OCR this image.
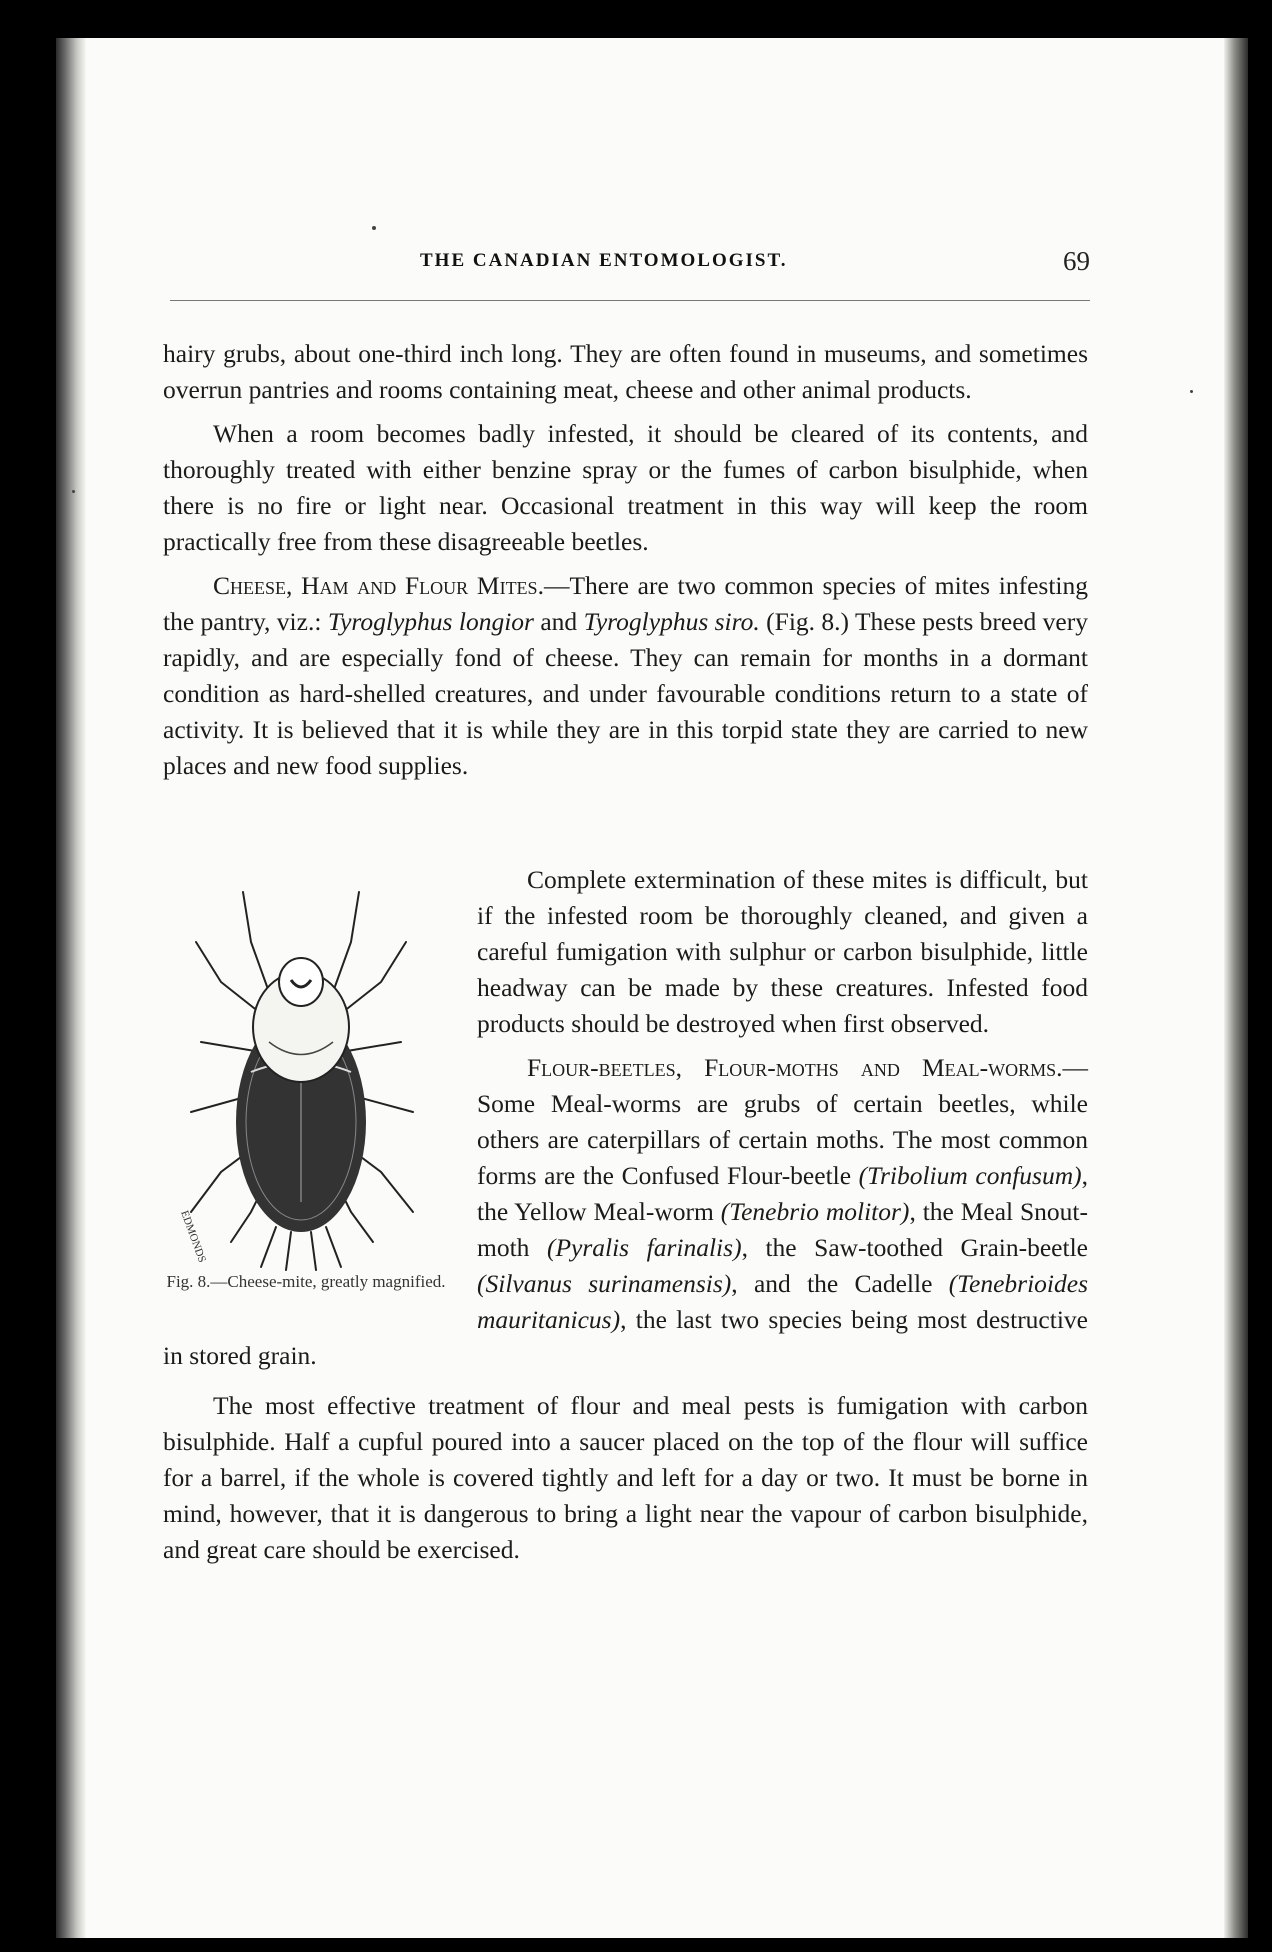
THE CANADIAN ENTOMOLOGIST.	69

hairy grubs, about one-third inch long. They are often found in museums, and sometimes overrun pantries and rooms containing meat, cheese and other animal products.

When a room becomes badly infested, it should be cleared of its contents, and thoroughly treated with either benzine spray or the fumes of carbon bisulphide, when there is no fire or light near. Occasional treatment in this way will keep the room practically free from these disagreeable beetles.

Cheese, Ham and Flour Mites.—There are two common species of mites infesting the pantry, viz.: Tyroglyphus longior and Tyroglyphus siro. (Fig. 8.) These pests breed very rapidly, and are especially fond of cheese. They can remain for months in a dormant condition as hard-shelled creatures, and under favourable conditions return to a state of activity. It is believed that it is while they are in this torpid state they are carried to new places and new food supplies.

EDMONDS
Fig. 8.—Cheese-mite, greatly magnified.

Complete extermination of these mites is difficult, but if the infested room be thoroughly cleaned, and given a careful fumigation with sulphur or carbon bisulphide, little headway can be made by these creatures. Infested food products should be destroyed when first observed.

Flour-beetles, Flour-moths and Meal-worms.—Some Meal-worms are grubs of certain beetles, while others are caterpillars of certain moths. The most common forms are the Confused Flour-beetle (Tribolium confusum), the Yellow Meal-worm (Tenebrio molitor), the Meal Snout-moth (Pyralis farinalis), the Saw-toothed Grain-beetle (Silvanus surinamensis), and the Cadelle (Tenebrioides mauritanicus), the last two species being most destructive in stored grain.

The most effective treatment of flour and meal pests is fumigation with carbon bisulphide. Half a cupful poured into a saucer placed on the top of the flour will suffice for a barrel, if the whole is covered tightly and left for a day or two. It must be borne in mind, however, that it is dangerous to bring a light near the vapour of carbon bisulphide, and great care should be exercised.
